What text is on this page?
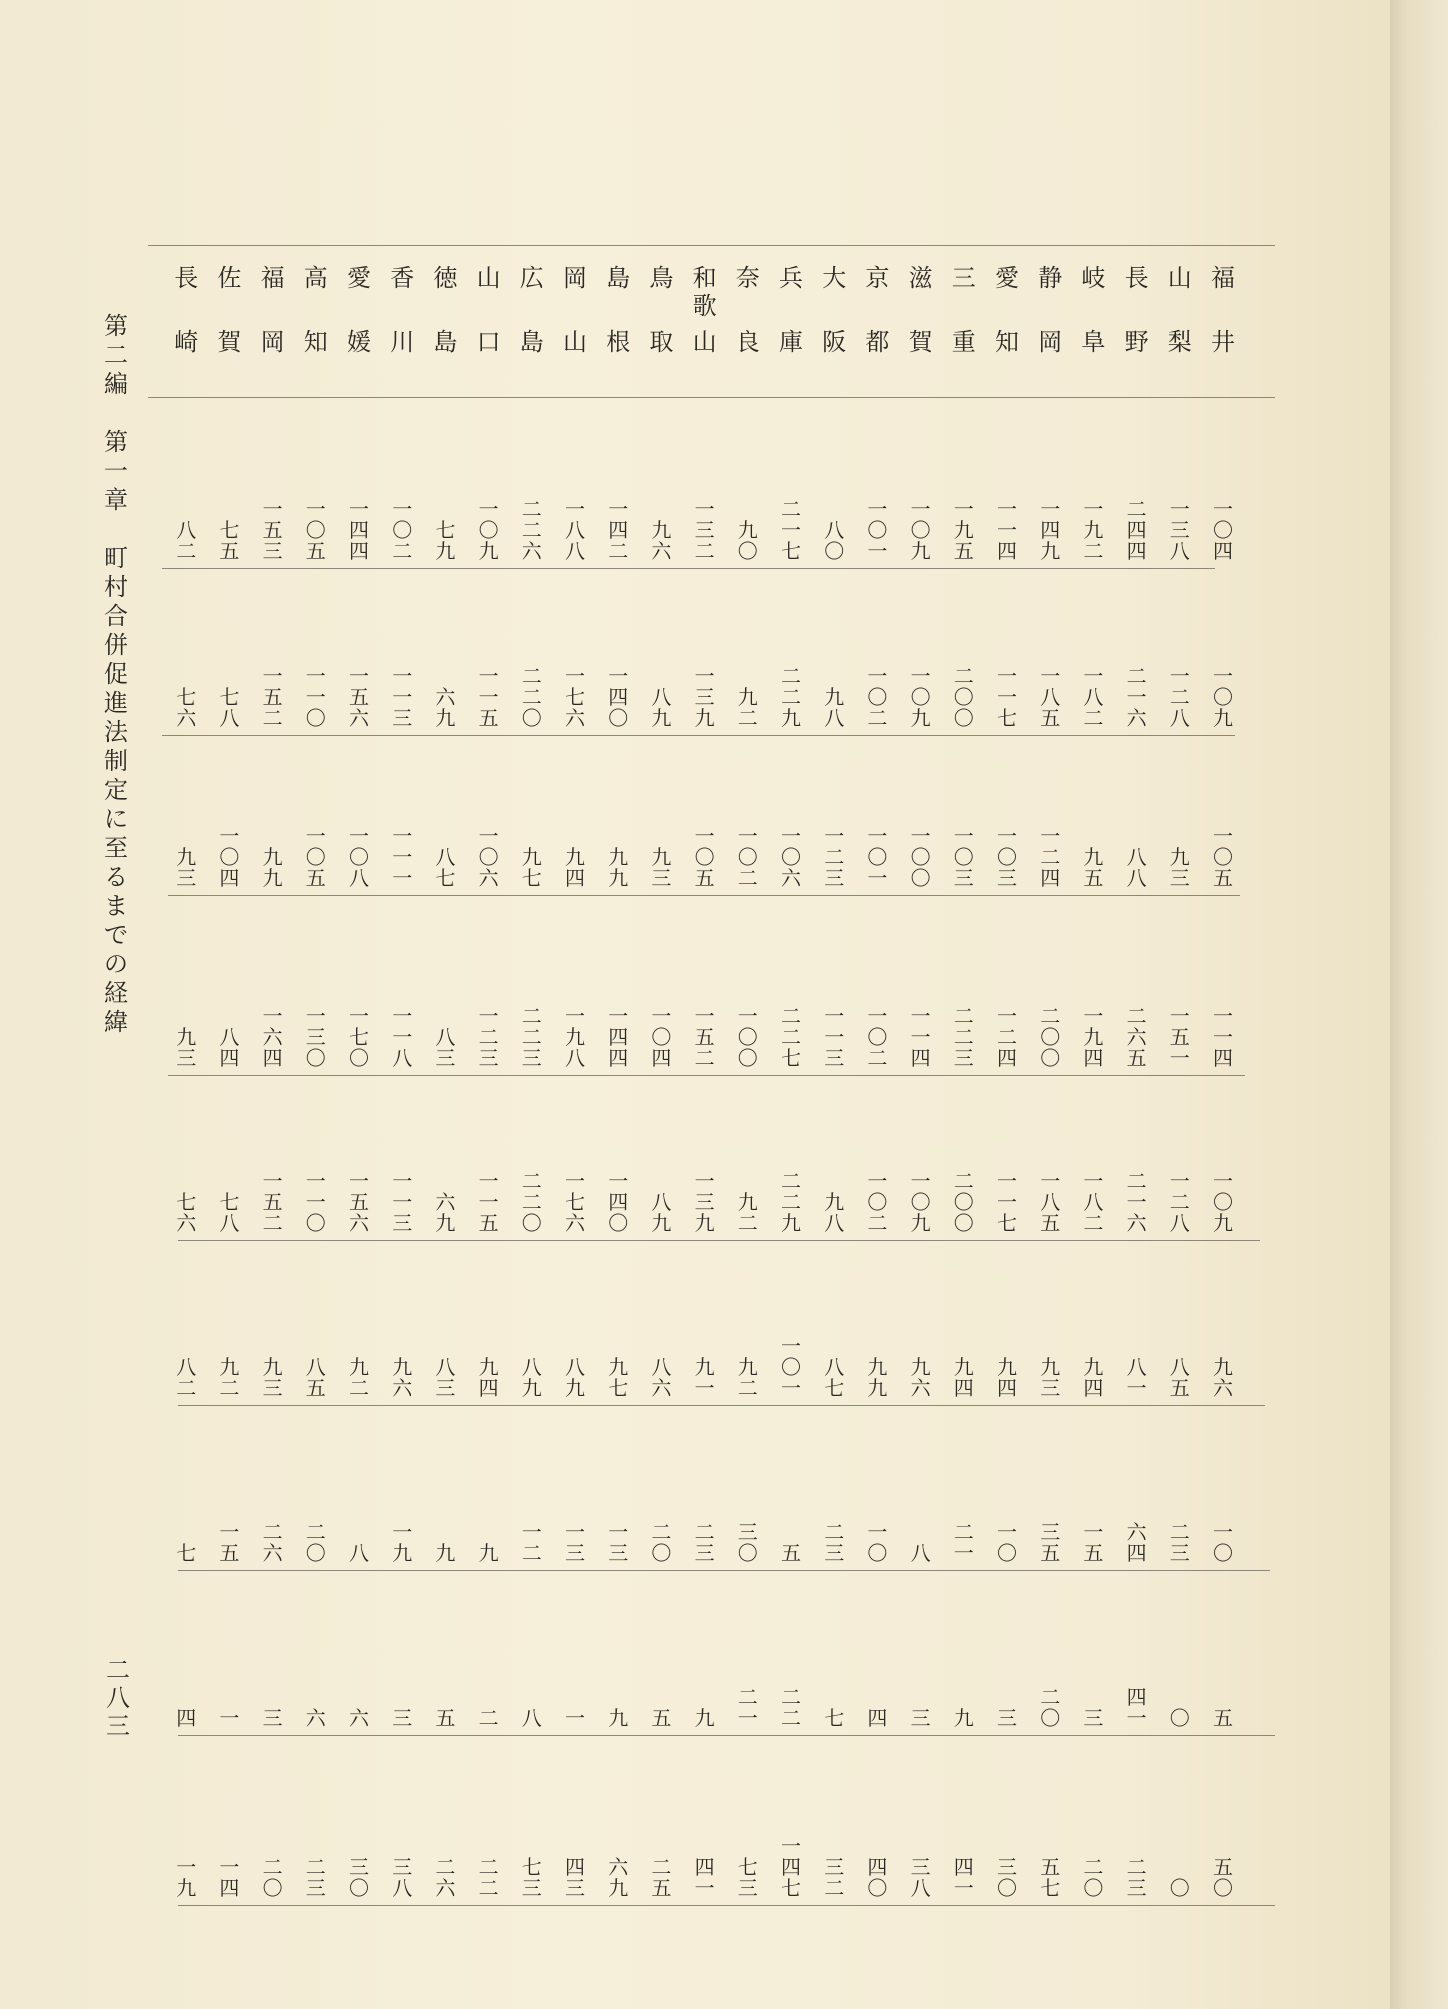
第
二
編

第
一
章

町
村
合
併
促
進
法
制
定
に
至
る
ま
で
の
経
緯
二八三
福
井
山
梨
長
野
岐
阜
静
岡
愛
知
三
重
滋
賀
京
都
大
阪
兵
庫
奈
良
和歌
山
鳥
取
島
根
岡
山
広
島
山
口
徳
島
香
川
愛
媛
高
知
福
岡
佐
賀
長
崎
一
〇
四
一
三
八
二
四
四
一
九
二
一
四
九
一
一
四
一
九
五
一
〇
九
一
〇
一
八
〇
二
一
七
九
〇
一
三
二
九
六
一
四
二
一
八
八
二
二
六
一
〇
九
七
九
一
〇
二
一
四
四
一
〇
五
一
五
三
七
五
八
二
一
〇
九
一
二
八
二
一
六
一
八
二
一
八
五
一
一
七
二
〇
〇
一
〇
九
一
〇
二
九
八
二
二
九
九
二
一
三
九
八
九
一
四
〇
一
七
六
二
二
〇
一
一
五
六
九
一
一
三
一
五
六
一
一
〇
一
五
二
七
八
七
六
一
〇
五
九
三
八
八
九
五
一
二
四
一
〇
三
一
〇
三
一
〇
〇
一
〇
一
一
二
三
一
〇
六
一
〇
二
一
〇
五
九
三
九
九
九
四
九
七
一
〇
六
八
七
一
一
一
一
〇
八
一
〇
五
九
九
一
〇
四
九
三
一
一
四
一
五
一
二
六
五
一
九
四
二
〇
〇
一
二
四
二
二
三
一
一
四
一
〇
二
一
一
三
二
二
七
一
〇
〇
一
五
二
一
〇
四
一
四
四
一
九
八
二
二
三
一
二
三
八
三
一
一
八
一
七
〇
一
三
〇
一
六
四
八
四
九
三
一
〇
九
一
二
八
二
一
六
一
八
二
一
八
五
一
一
七
二
〇
〇
一
〇
九
一
〇
二
九
八
二
二
九
九
二
一
三
九
八
九
一
四
〇
一
七
六
二
二
〇
一
一
五
六
九
一
一
三
一
五
六
一
一
〇
一
五
二
七
八
七
六
九
六
八
五
八
一
九
四
九
三
九
四
九
四
九
六
九
九
八
七
一
〇
一
九
二
九
一
八
六
九
七
八
九
八
九
九
四
八
三
九
六
九
二
八
五
九
三
九
二
八
二
一
〇
二
三
六
四
一
五
三
五
一
〇
二
一
八
一
〇
二
三
五
三
〇
二
三
二
〇
一
三
一
三
一
二
九
九
一
九
八
二
〇
二
六
一
五
七
五
〇
四
一
三
二
〇
三
九
三
四
七
二
二
二
一
九
五
九
一
八
二
五
三
六
六
三
一
四
五
〇
〇
二
三
二
〇
五
七
三
〇
四
一
三
八
四
〇
三
二
一
四
七
七
三
四
一
二
五
六
九
四
三
七
三
二
二
二
六
三
八
三
〇
二
三
二
〇
一
四
一
九
